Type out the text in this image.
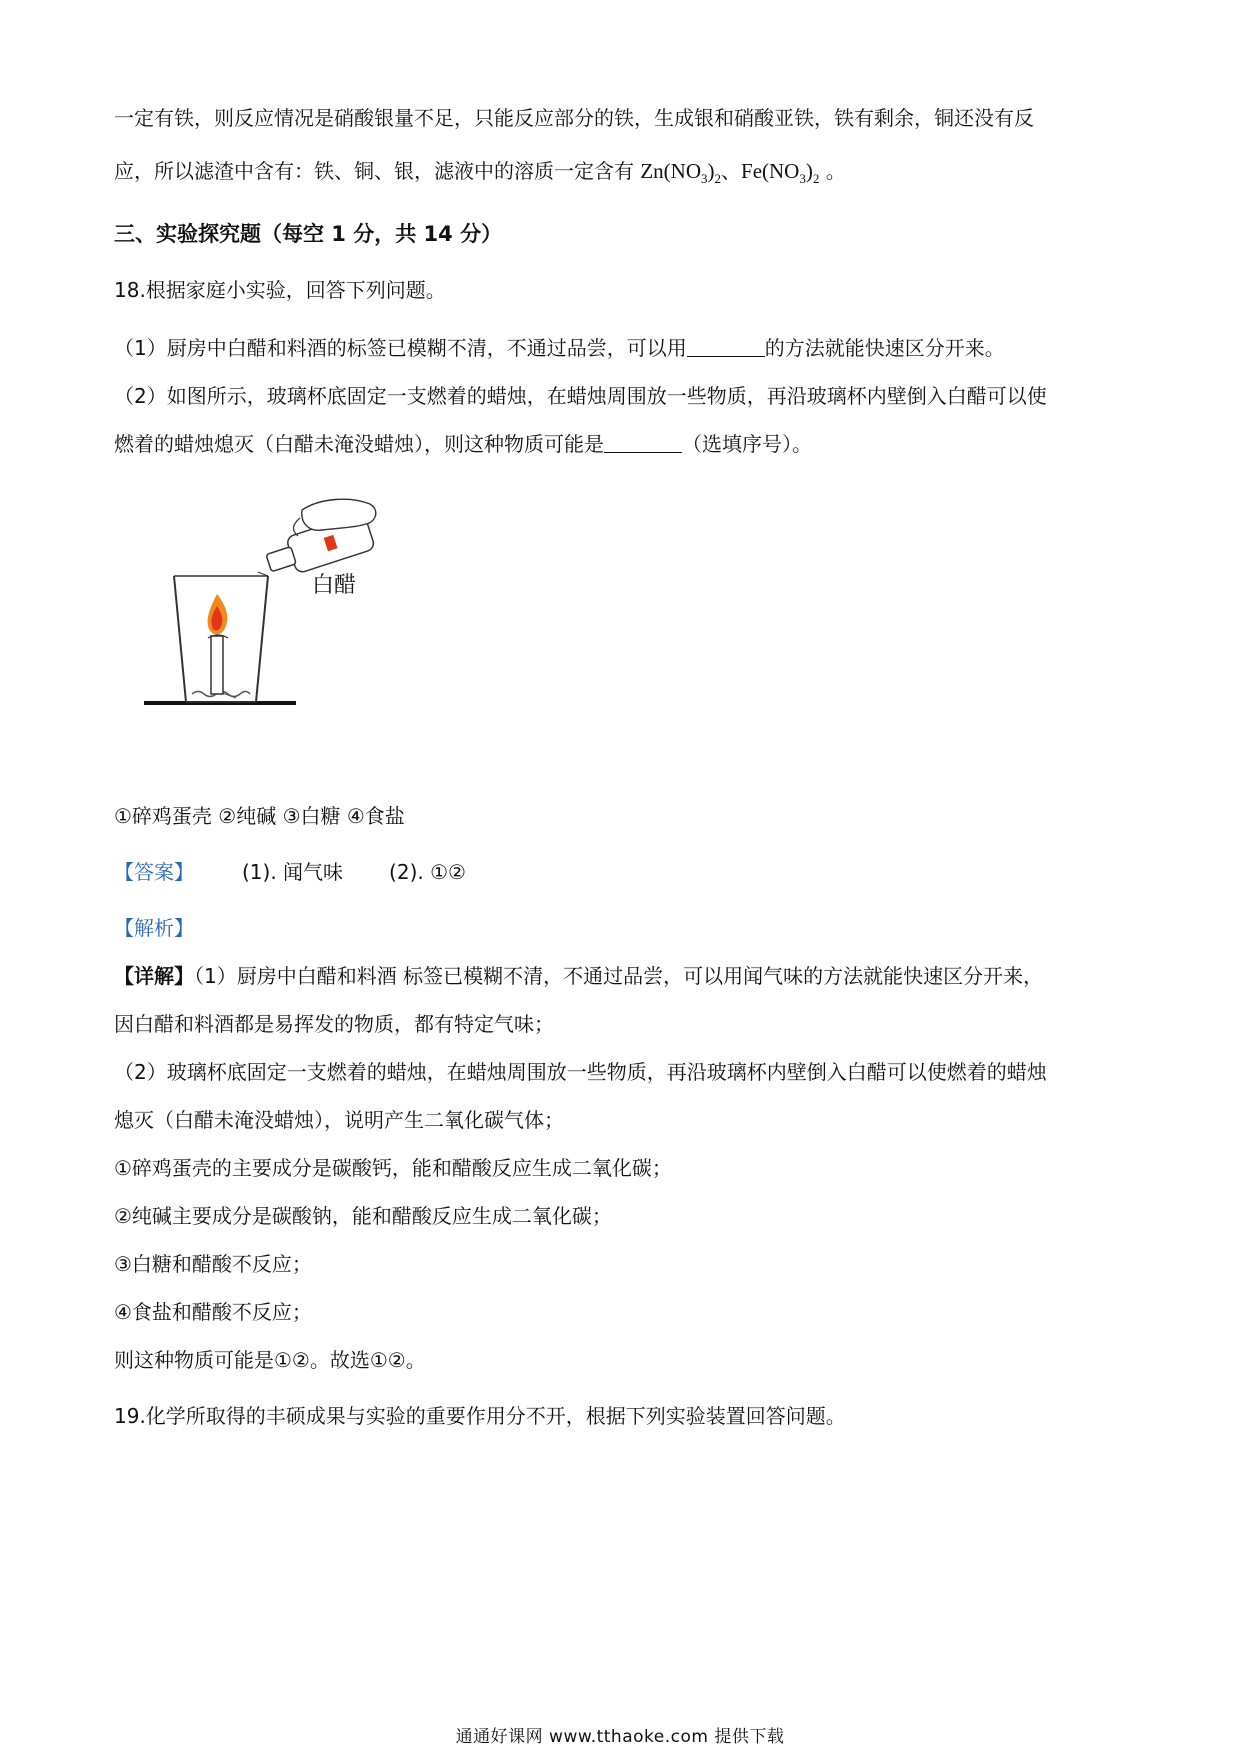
一定有铁，则反应情况是硝酸银量不足，只能反应部分的铁，生成银和硝酸亚铁，铁有剩余，铜还没有反
应，所以滤渣中含有：铁、铜、银，滤液中的溶质一定含有 $Zn(NO_3)_2$、$Fe(NO_3)_2$ 。
三、实验探究题（每空 1 分，共 14 分）
18.根据家庭小实验，回答下列问题。
（1）厨房中白醋和料酒的标签已模糊不清，不通过品尝，可以用	的方法就能快速区分开来。
（2）如图所示，玻璃杯底固定一支燃着的蜡烛，在蜡烛周围放一些物质，再沿玻璃杯内壁倒入白醋可以使
燃着的蜡烛熄灭（白醋未淹没蜡烛），则这种物质可能是	（选填序号）。
白醋
①碎鸡蛋壳 ②纯碱 ③白糖 ④食盐
【答案】 (1). 闻气味 (2). ①②
【解析】
【详解】（1）厨房中白醋和料酒 标签已模糊不清，不通过品尝，可以用闻气味的方法就能快速区分开来，
因白醋和料酒都是易挥发的物质，都有特定气味；
（2）玻璃杯底固定一支燃着的蜡烛，在蜡烛周围放一些物质，再沿玻璃杯内壁倒入白醋可以使燃着的蜡烛
熄灭（白醋未淹没蜡烛），说明产生二氧化碳气体；
①碎鸡蛋壳的主要成分是碳酸钙，能和醋酸反应生成二氧化碳；
②纯碱主要成分是碳酸钠，能和醋酸反应生成二氧化碳；
③白糖和醋酸不反应；
④食盐和醋酸不反应；
则这种物质可能是①②。故选①②。
19.化学所取得的丰硕成果与实验的重要作用分不开，根据下列实验装置回答问题。
通通好课网 www.tthaoke.com 提供下载
